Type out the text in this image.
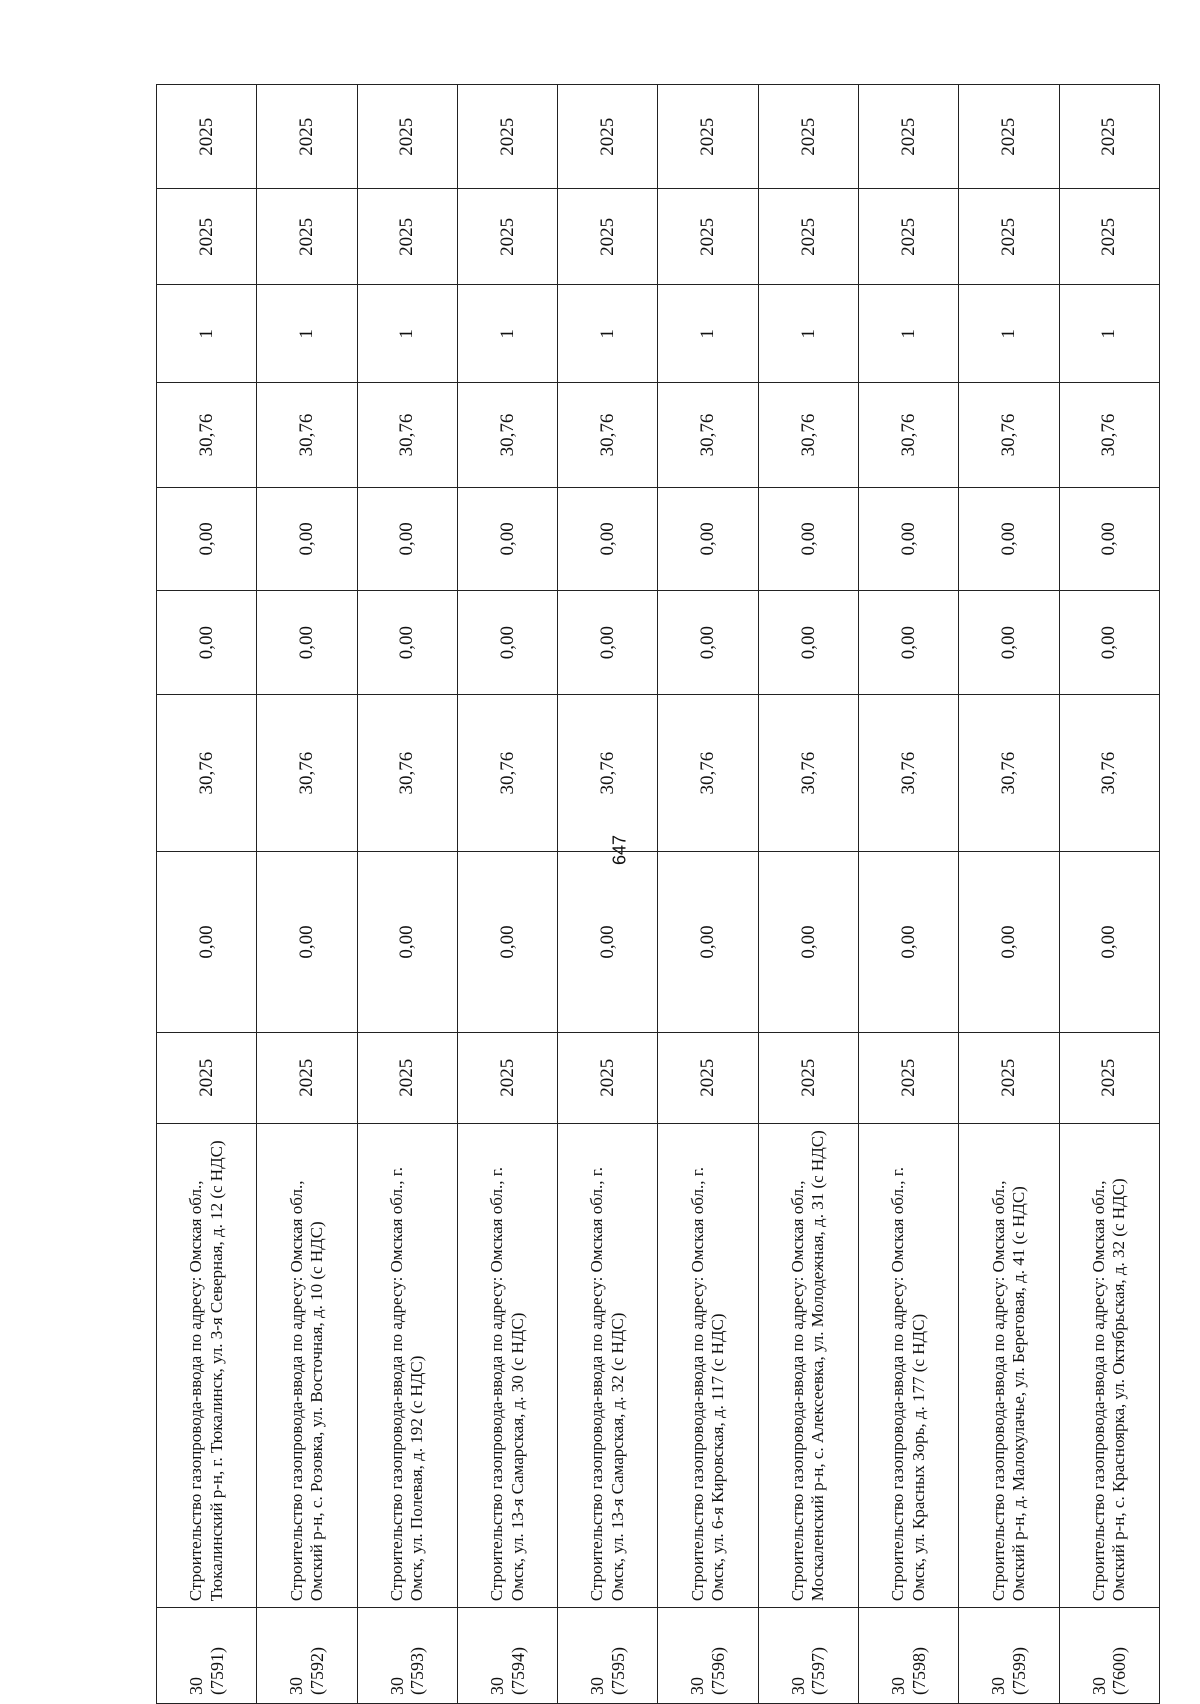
647
30 (7591)	Строительство газопровода-ввода по адресу: Омская обл., Тюкалинский р-н, г. Тюкалинск, ул. 3-я Северная, д. 12 (с НДС)	2025	0,00	30,76	0,00	0,00	30,76	1	2025	2025

30 (7592)	Строительство газопровода-ввода по адресу: Омская обл., Омский р-н, с. Розовка, ул. Восточная, д. 10 (с НДС)	2025	0,00	30,76	0,00	0,00	30,76	1	2025	2025

30 (7593)	Строительство газопровода-ввода по адресу: Омская обл., г. Омск, ул. Полевая, д. 192 (с НДС)	2025	0,00	30,76	0,00	0,00	30,76	1	2025	2025

30 (7594)	Строительство газопровода-ввода по адресу: Омская обл., г. Омск, ул. 13-я Самарская, д. 30 (с НДС)	2025	0,00	30,76	0,00	0,00	30,76	1	2025	2025

30 (7595)	Строительство газопровода-ввода по адресу: Омская обл., г. Омск, ул. 13-я Самарская, д. 32 (с НДС)	2025	0,00	30,76	0,00	0,00	30,76	1	2025	2025

30 (7596)	Строительство газопровода-ввода по адресу: Омская обл., г. Омск, ул. 6-я Кировская, д. 117 (с НДС)	2025	0,00	30,76	0,00	0,00	30,76	1	2025	2025

30 (7597)	Строительство газопровода-ввода по адресу: Омская обл., Москаленский р-н, с. Алексеевка, ул. Молодежная, д. 31 (с НДС)	2025	0,00	30,76	0,00	0,00	30,76	1	2025	2025

30 (7598)	Строительство газопровода-ввода по адресу: Омская обл., г. Омск, ул. Красных Зорь, д. 177 (с НДС)	2025	0,00	30,76	0,00	0,00	30,76	1	2025	2025

30 (7599)	Строительство газопровода-ввода по адресу: Омская обл., Омский р-н, д. Малокулачье, ул. Береговая, д. 41 (с НДС)	2025	0,00	30,76	0,00	0,00	30,76	1	2025	2025

30 (7600)	Строительство газопровода-ввода по адресу: Омская обл., Омский р-н, с. Красноярка, ул. Октябрьская, д. 32 (с НДС)	2025	0,00	30,76	0,00	0,00	30,76	1	2025	2025
